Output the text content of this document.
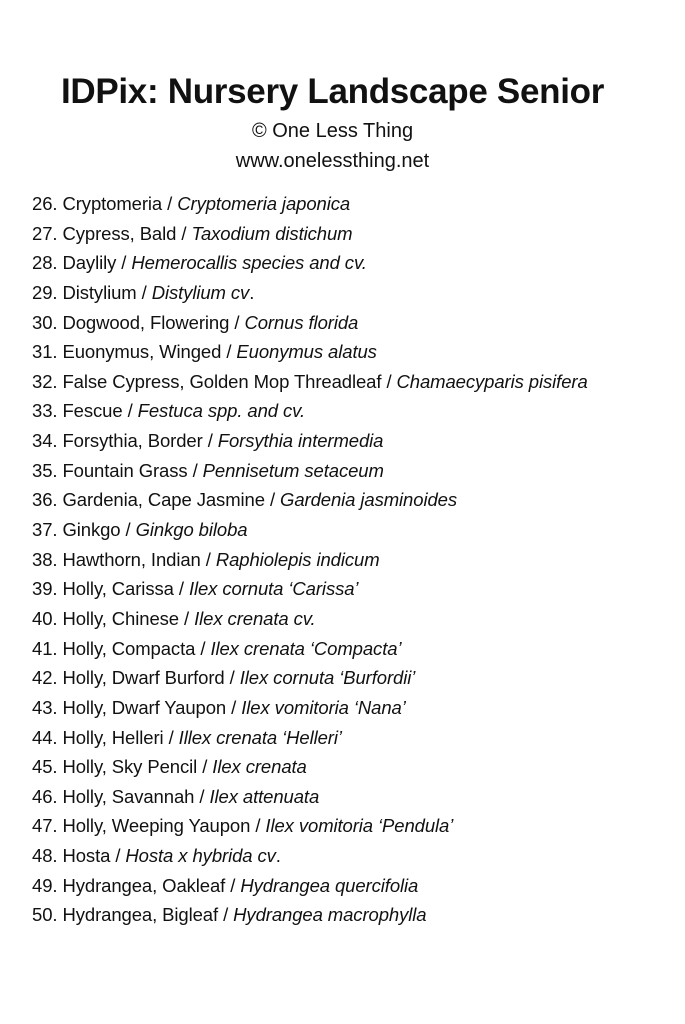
IDPix: Nursery Landscape Senior

© One Less Thing

www.onelessthing.net

26. Cryptomeria / Cryptomeria japonica
27. Cypress, Bald / Taxodium distichum
28. Daylily / Hemerocallis species and cv.
29. Distylium / Distylium cv.
30. Dogwood, Flowering / Cornus florida
31. Euonymus, Winged / Euonymus alatus
32. False Cypress, Golden Mop Threadleaf / Chamaecyparis pisifera
33. Fescue / Festuca spp. and cv.
34. Forsythia, Border / Forsythia intermedia
35. Fountain Grass / Pennisetum setaceum
36. Gardenia, Cape Jasmine / Gardenia jasminoides
37. Ginkgo / Ginkgo biloba
38. Hawthorn, Indian / Raphiolepis indicum
39. Holly, Carissa / Ilex cornuta ‘Carissa’
40. Holly, Chinese / Ilex crenata cv.
41. Holly, Compacta / Ilex crenata ‘Compacta’
42. Holly, Dwarf Burford / Ilex cornuta ‘Burfordii’
43. Holly, Dwarf Yaupon / Ilex vomitoria ‘Nana’
44. Holly, Helleri / Illex crenata ‘Helleri’
45. Holly, Sky Pencil / Ilex crenata
46. Holly, Savannah / Ilex attenuata
47. Holly, Weeping Yaupon / Ilex vomitoria ‘Pendula’
48. Hosta / Hosta x hybrida cv.
49. Hydrangea, Oakleaf / Hydrangea quercifolia
50. Hydrangea, Bigleaf / Hydrangea macrophylla
